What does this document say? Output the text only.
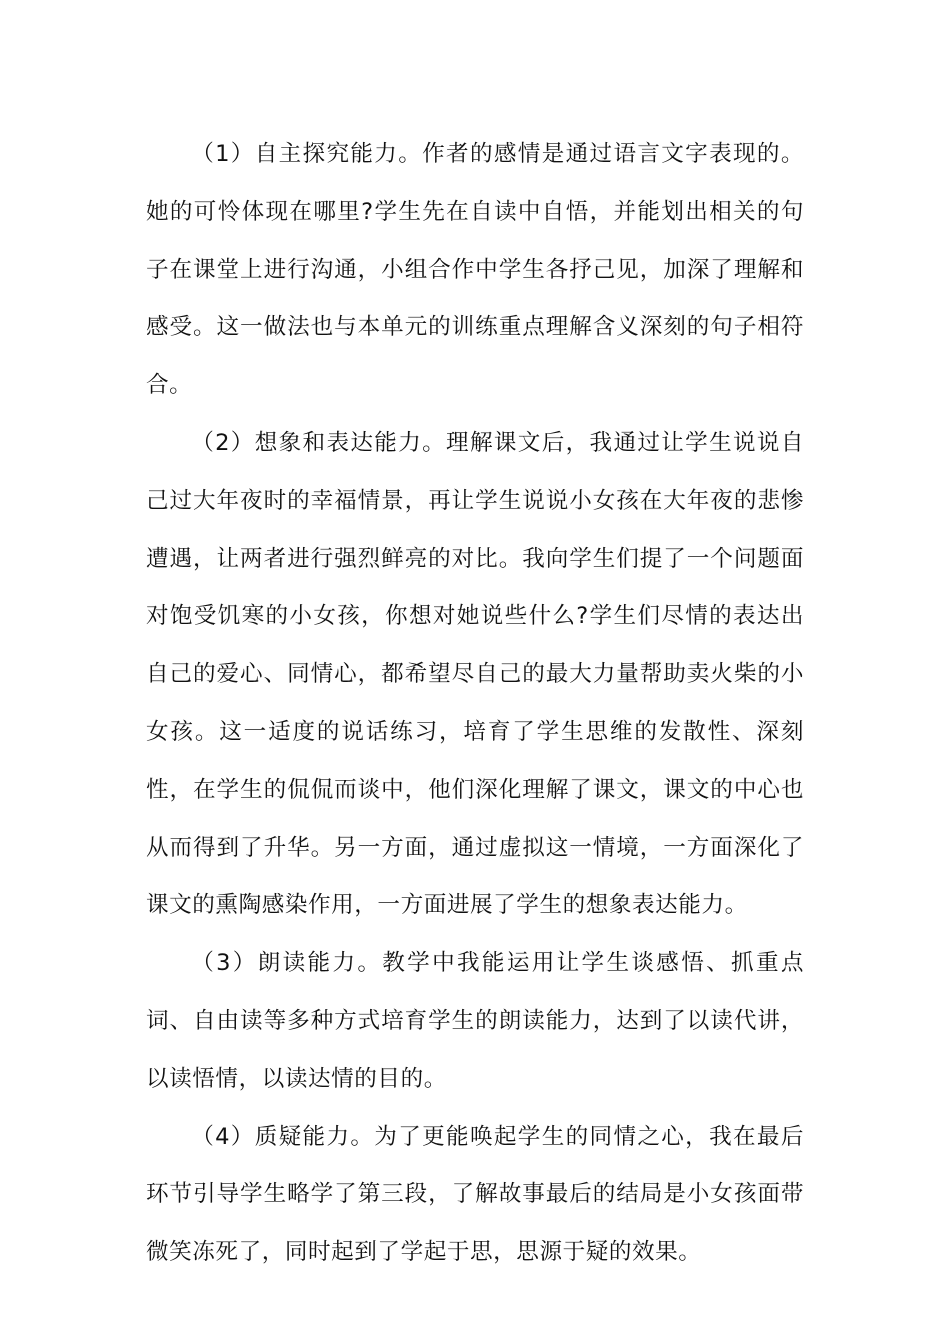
（1）自主探究能力。作者的感情是通过语言文字表现的。她的可怜体现在哪里?学生先在自读中自悟，并能划出相关的句子在课堂上进行沟通，小组合作中学生各抒己见，加深了理解和感受。这一做法也与本单元的训练重点理解含义深刻的句子相符合。

（2）想象和表达能力。理解课文后，我通过让学生说说自己过大年夜时的幸福情景，再让学生说说小女孩在大年夜的悲惨遭遇，让两者进行强烈鲜亮的对比。我向学生们提了一个问题面对饱受饥寒的小女孩，你想对她说些什么?学生们尽情的表达出自己的爱心、同情心，都希望尽自己的最大力量帮助卖火柴的小女孩。这一适度的说话练习，培育了学生思维的发散性、深刻性，在学生的侃侃而谈中，他们深化理解了课文，课文的中心也从而得到了升华。另一方面，通过虚拟这一情境，一方面深化了课文的熏陶感染作用，一方面进展了学生的想象表达能力。

（3）朗读能力。教学中我能运用让学生谈感悟、抓重点词、自由读等多种方式培育学生的朗读能力，达到了以读代讲，以读悟情，以读达情的目的。

（4）质疑能力。为了更能唤起学生的同情之心，我在最后环节引导学生略学了第三段，了解故事最后的结局是小女孩面带微笑冻死了，同时起到了学起于思，思源于疑的效果。
